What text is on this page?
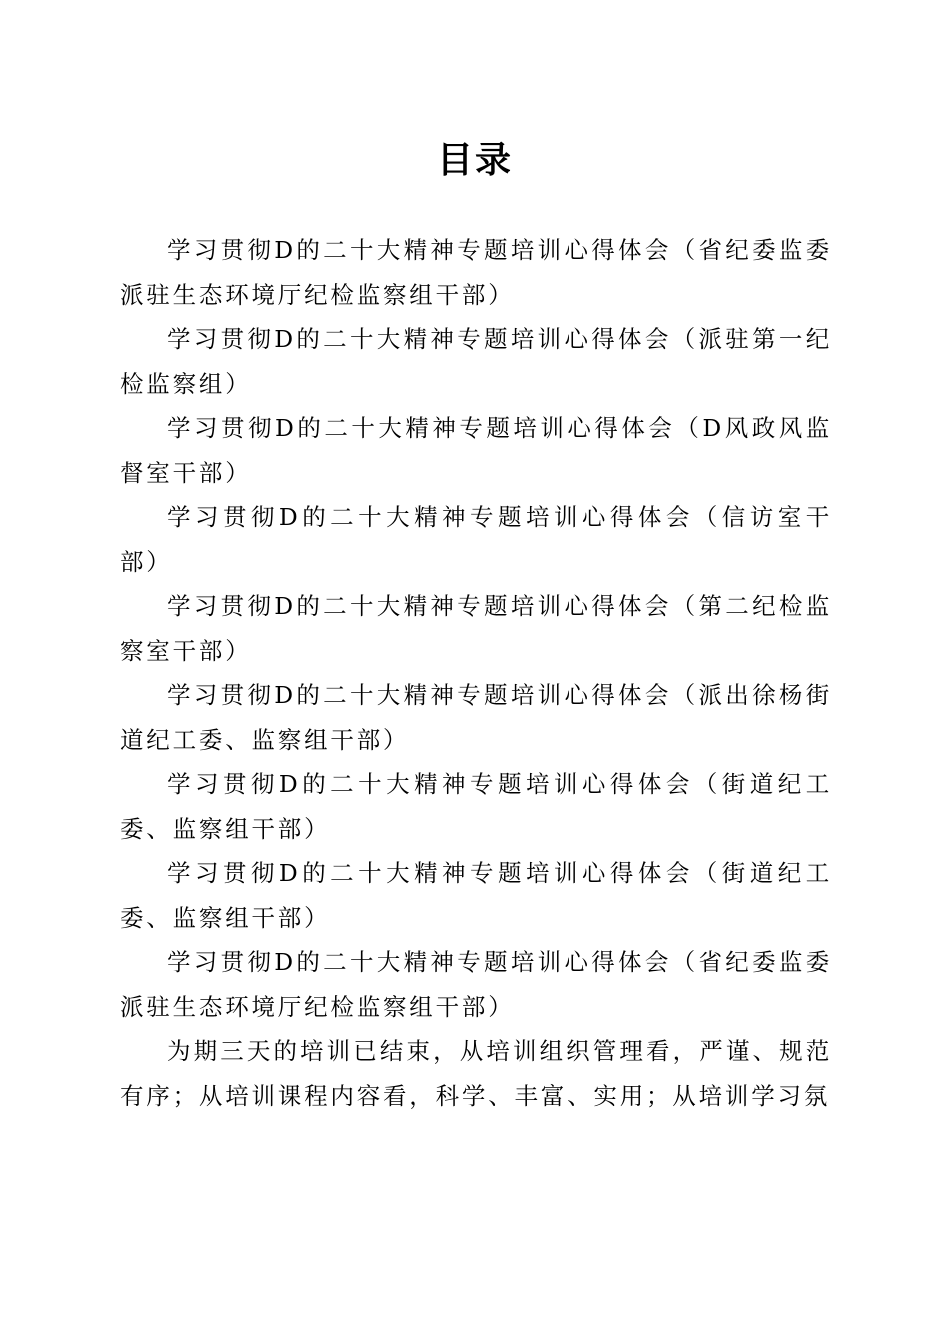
目录

学习贯彻D的二十大精神专题培训心得体会（省纪委监委派驻生态环境厅纪检监察组干部）

学习贯彻D的二十大精神专题培训心得体会（派驻第一纪检监察组）

学习贯彻D的二十大精神专题培训心得体会（D风政风监督室干部）

学习贯彻D的二十大精神专题培训心得体会（信访室干部）

学习贯彻D的二十大精神专题培训心得体会（第二纪检监察室干部）

学习贯彻D的二十大精神专题培训心得体会（派出徐杨街道纪工委、监察组干部）

学习贯彻D的二十大精神专题培训心得体会（街道纪工委、监察组干部）

学习贯彻D的二十大精神专题培训心得体会（街道纪工委、监察组干部）

学习贯彻D的二十大精神专题培训心得体会（省纪委监委派驻生态环境厅纪检监察组干部）

为期三天的培训已结束，从培训组织管理看，严谨、规范有序；从培训课程内容看，科学、丰富、实用；从培训学习氛
